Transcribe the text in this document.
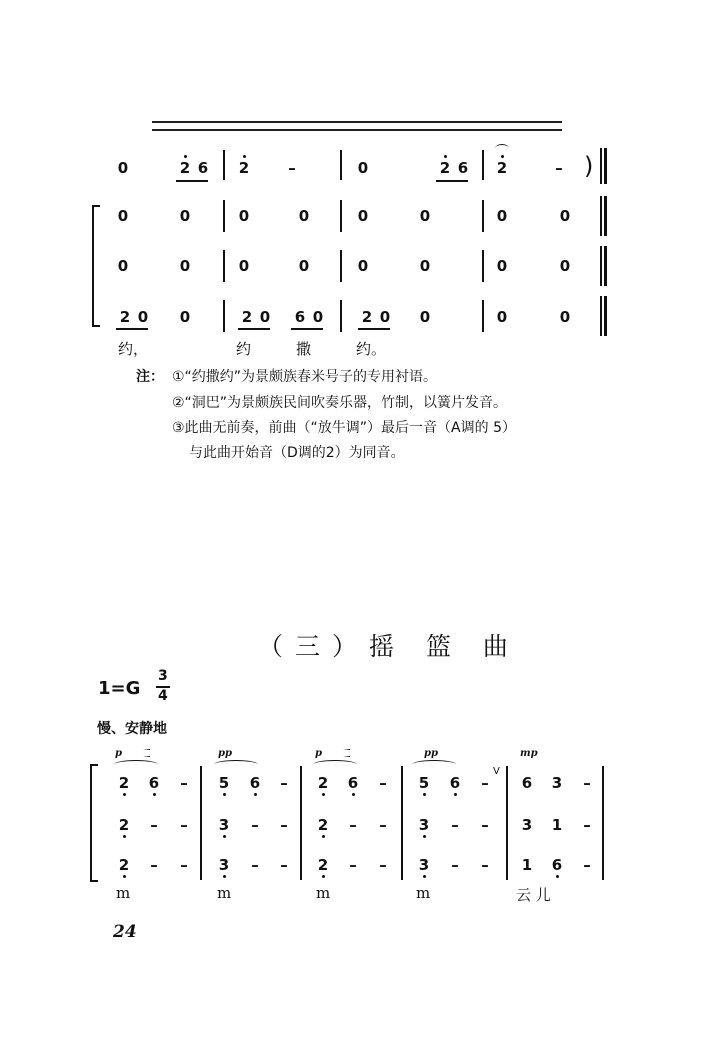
0	2 6	2	–	0	2 6	2	– )
0	0	0	0	0	0	0	0
0	0	0	0	0	0	0	0
2 0	0	2 0	6 0	2 0	0	0	0
约，	约	撒	约。
注： ①“约撒约”为景颇族春米号子的专用衬语。
②“洞巴”为景颇族民间吹奏乐器，竹制，以簧片发音。
③此曲无前奏，前曲（“放牛调”）最后一音（A调的 5）
与此曲开始音（D调的2）为同音。
（三）摇 篮 曲
1=G
3
4
慢、安静地
p	pp	p	pp	mp
V
2	6	–	5	6	–	2	6	–	5	6	–	6	3	–
2	–	–	3	–	–	2	–	–	3	–	–	3	1	–
2	–	–	3	–	–	2	–	–	3	–	–	1	6	–
m	m	m	m	云 儿
24
